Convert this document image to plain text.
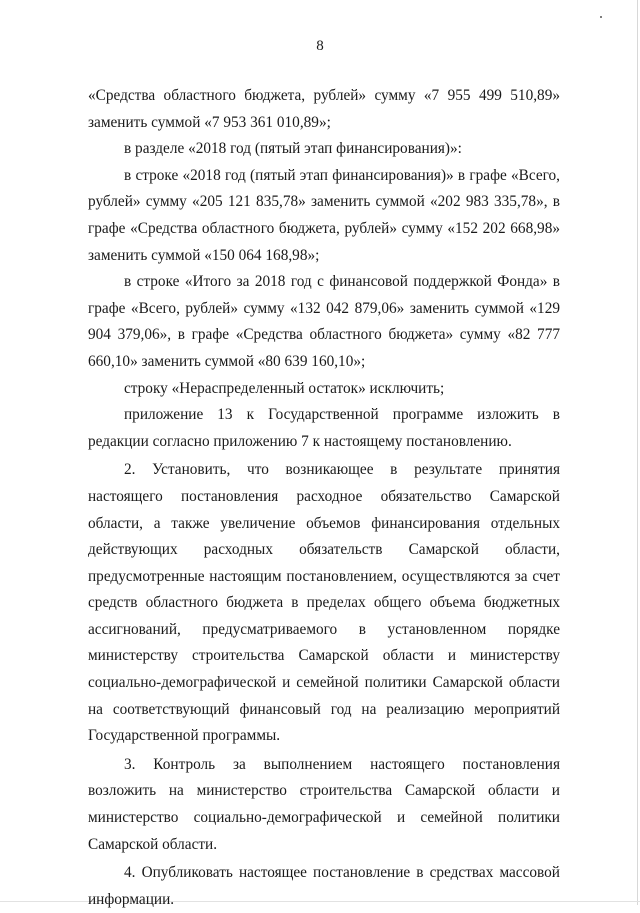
8

«Средства областного бюджета, рублей» сумму «7 955 499 510,89» заменить суммой «7 953 361 010,89»;

в разделе «2018 год (пятый этап финансирования)»:

в строке «2018 год (пятый этап финансирования)» в графе «Всего, рублей» сумму «205 121 835,78» заменить суммой «202 983 335,78», в графе «Средства областного бюджета, рублей» сумму «152 202 668,98» заменить суммой «150 064 168,98»;

в строке «Итого за 2018 год с финансовой поддержкой Фонда» в графе «Всего, рублей» сумму «132 042 879,06» заменить суммой «129 904 379,06», в графе «Средства областного бюджета» сумму «82 777 660,10» заменить суммой «80 639 160,10»;

строку «Нераспределенный остаток» исключить;

приложение 13 к Государственной программе изложить в редакции согласно приложению 7 к настоящему постановлению.

2. Установить, что возникающее в результате принятия настоящего постановления расходное обязательство Самарской области, а также увеличение объемов финансирования отдельных действующих расходных обязательств Самарской области, предусмотренные настоящим постановлением, осуществляются за счет средств областного бюджета в пределах общего объема бюджетных ассигнований, предусматриваемого в установленном порядке министерству строительства Самарской области и министерству социально-демографической и семейной политики Самарской области на соответствующий финансовый год на реализацию мероприятий Государственной программы.

3. Контроль за выполнением настоящего постановления возложить на министерство строительства Самарской области и министерство социально-демографической и семейной политики Самарской области.

4. Опубликовать настоящее постановление в средствах массовой информации.
